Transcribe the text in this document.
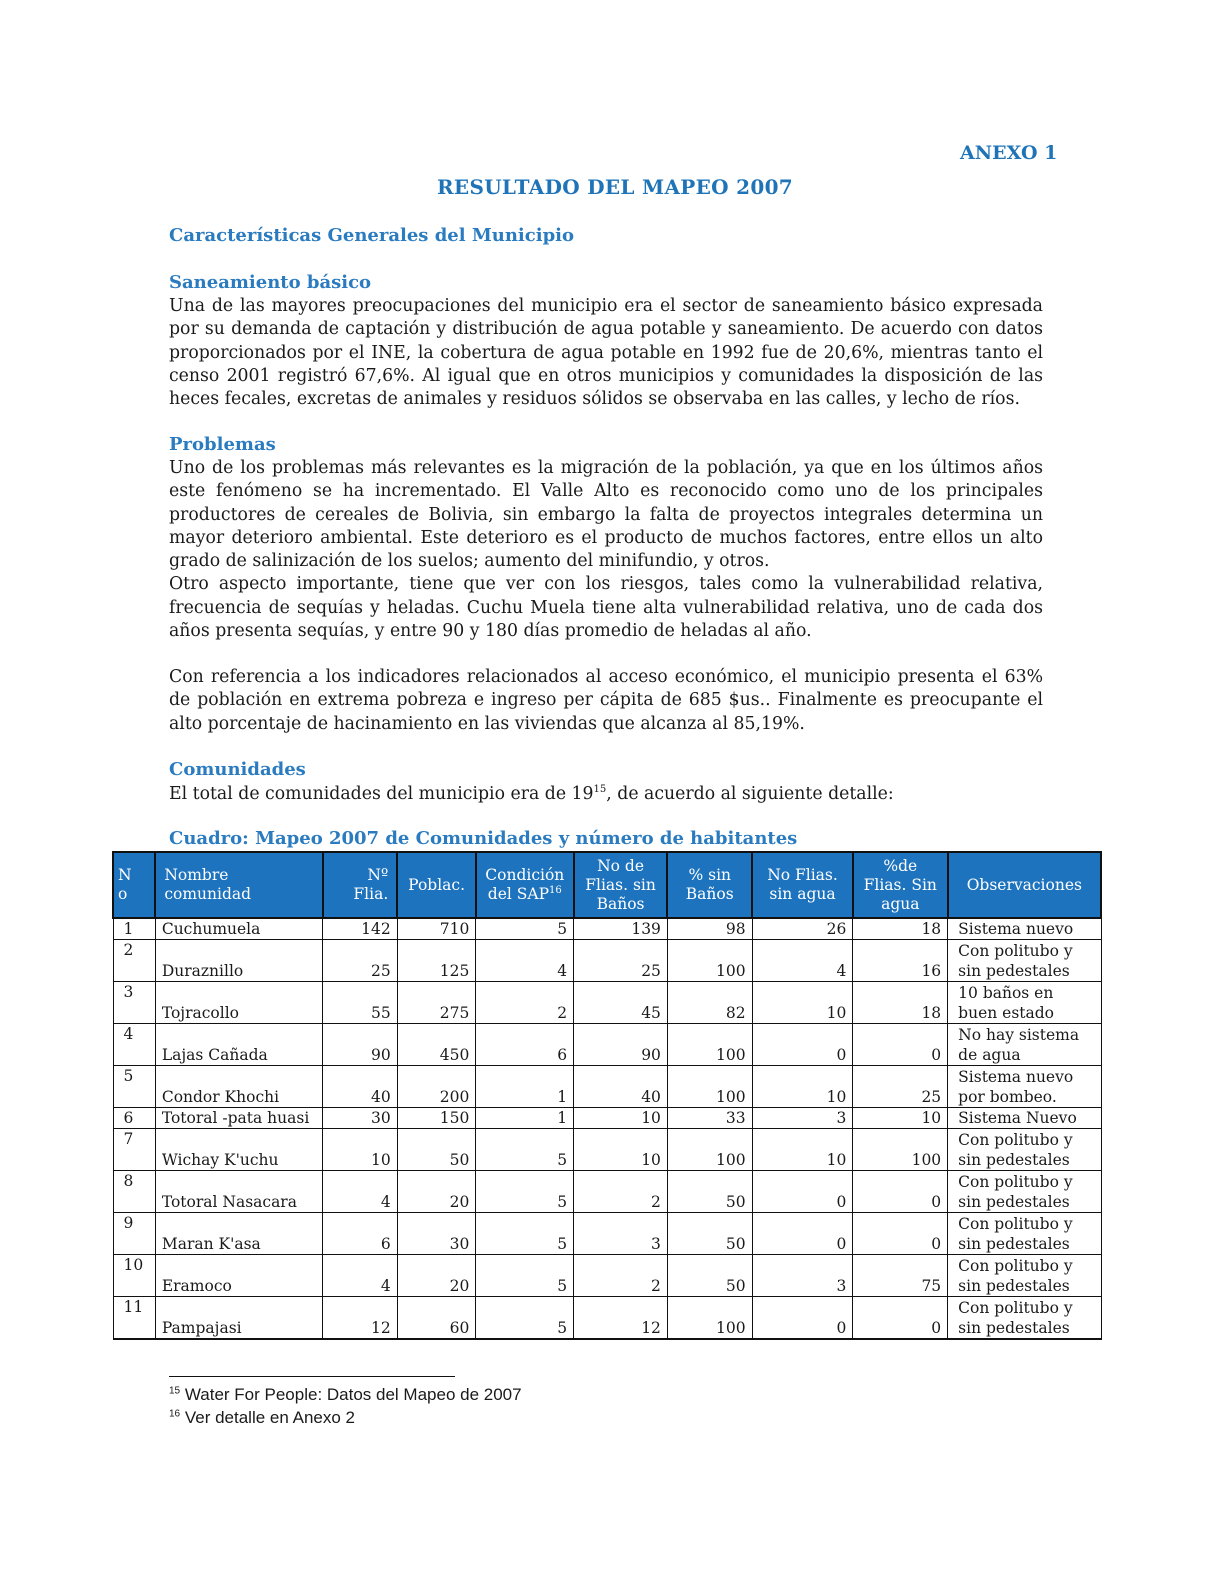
ANEXO 1
RESULTADO DEL MAPEO 2007
Características Generales del Municipio
Saneamiento básico

Una de las mayores preocupaciones del municipio era el sector de saneamiento básico expresada por su demanda de captación y distribución de agua potable y saneamiento. De acuerdo con datos proporcionados por el INE, la cobertura de agua potable en 1992 fue de 20,6%, mientras tanto el censo 2001 registró 67,6%. Al igual que en otros municipios y comunidades la disposición de las heces fecales, excretas de animales y residuos sólidos se observaba en las calles, y lecho de ríos.

Problemas

Uno de los problemas más relevantes es la migración de la población, ya que en los últimos años este fenómeno se ha incrementado. El Valle Alto es reconocido como uno de los principales productores de cereales de Bolivia, sin embargo la falta de proyectos integrales determina un mayor deterioro ambiental. Este deterioro es el producto de muchos factores, entre ellos un alto grado de salinización de los suelos; aumento del minifundio, y otros.

Otro aspecto importante, tiene que ver con los riesgos, tales como la vulnerabilidad relativa, frecuencia de sequías y heladas. Cuchu Muela tiene alta vulnerabilidad relativa, uno de cada dos años presenta sequías, y entre 90 y 180 días promedio de heladas al año.

Con referencia a los indicadores relacionados al acceso económico, el municipio presenta el 63% de población en extrema pobreza e ingreso per cápita de 685 $us.. Finalmente es preocupante el alto porcentaje de hacinamiento en las viviendas que alcanza al 85,19%.

Comunidades
El total de comunidades del municipio era de $19^{15}$, de acuerdo al siguiente detalle:
Cuadro: Mapeo 2007 de Comunidades y número de habitantes
N
o	Nombre
comunidad	Nº
Flia.	Poblac.	Condición
del SAP$^{16}$	No de
Flias. sin
Baños	% sin
Baños	No Flias.
sin agua	%de
Flias. Sin
agua	Observaciones
1	Cuchumuela	142	710	5	139	98	26	18	Sistema nuevo
2	Duraznillo	25	125	4	25	100	4	16	Con politubo y
sin pedestales
3	Tojracollo	55	275	2	45	82	10	18	10 baños en
buen estado
4	Lajas Cañada	90	450	6	90	100	0	0	No hay sistema
de agua
5	Condor Khochi	40	200	1	40	100	10	25	Sistema nuevo
por bombeo.
6	Totoral -pata huasi	30	150	1	10	33	3	10	Sistema Nuevo
7	Wichay K'uchu	10	50	5	10	100	10	100	Con politubo y
sin pedestales
8	Totoral Nasacara	4	20	5	2	50	0	0	Con politubo y
sin pedestales
9	Maran K'asa	6	30	5	3	50	0	0	Con politubo y
sin pedestales
10	Eramoco	4	20	5	2	50	3	75	Con politubo y
sin pedestales
11	Pampajasi	12	60	5	12	100	0	0	Con politubo y
sin pedestales
$^{15}$ Water For People: Datos del Mapeo de 2007
$^{16}$ Ver detalle en Anexo 2
